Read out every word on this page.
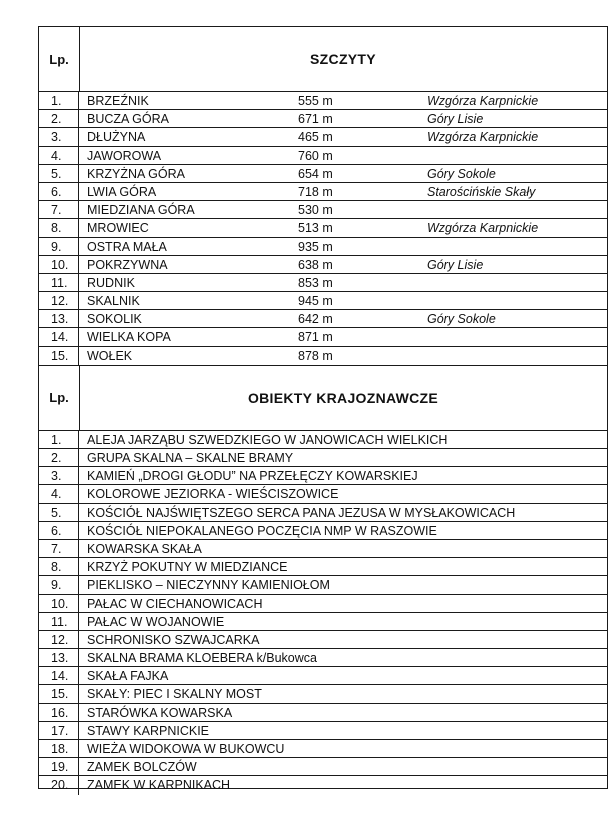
Lp.	SZCZYTY
1.	BRZEŹNIK	555 m	Wzgórza Karpnickie
2.	BUCZA GÓRA	671 m	Góry Lisie
3.	DŁUŻYNA	465 m	Wzgórza Karpnickie
4.	JAWOROWA	760 m
5.	KRZYŻNA GÓRA	654 m	Góry Sokole
6.	LWIA GÓRA	718 m	Starościńskie Skały
7.	MIEDZIANA GÓRA	530 m
8.	MROWIEC	513 m	Wzgórza Karpnickie
9.	OSTRA MAŁA	935 m
10.	POKRZYWNA	638 m	Góry Lisie
11.	RUDNIK	853 m
12.	SKALNIK	945 m
13.	SOKOLIK	642 m	Góry Sokole
14.	WIELKA KOPA	871 m
15.	WOŁEK	878 m
Lp.	OBIEKTY KRAJOZNAWCZE
1.	ALEJA JARZĄBU SZWEDZKIEGO W JANOWICACH WIELKICH
2.	GRUPA SKALNA – SKALNE BRAMY
3.	KAMIEŃ „DROGI GŁODU” NA PRZEŁĘCZY KOWARSKIEJ
4.	KOLOROWE JEZIORKA - WIEŚCISZOWICE
5.	KOŚCIÓŁ NAJŚWIĘTSZEGO SERCA PANA JEZUSA W MYSŁAKOWICACH
6.	KOŚCIÓŁ NIEPOKALANEGO POCZĘCIA NMP W RASZOWIE
7.	KOWARSKA SKAŁA
8.	KRZYŻ POKUTNY W MIEDZIANCE
9.	PIEKLISKO – NIECZYNNY KAMIENIOŁOM
10.	PAŁAC W CIECHANOWICACH
11.	PAŁAC W WOJANOWIE
12.	SCHRONISKO SZWAJCARKA
13.	SKALNA BRAMA KLOEBERA k/Bukowca
14.	SKAŁA FAJKA
15.	SKAŁY: PIEC I SKALNY MOST
16.	STARÓWKA KOWARSKA
17.	STAWY KARPNICKIE
18.	WIEŻA WIDOKOWA W BUKOWCU
19.	ZAMEK BOLCZÓW
20.	ZAMEK W KARPNIKACH
